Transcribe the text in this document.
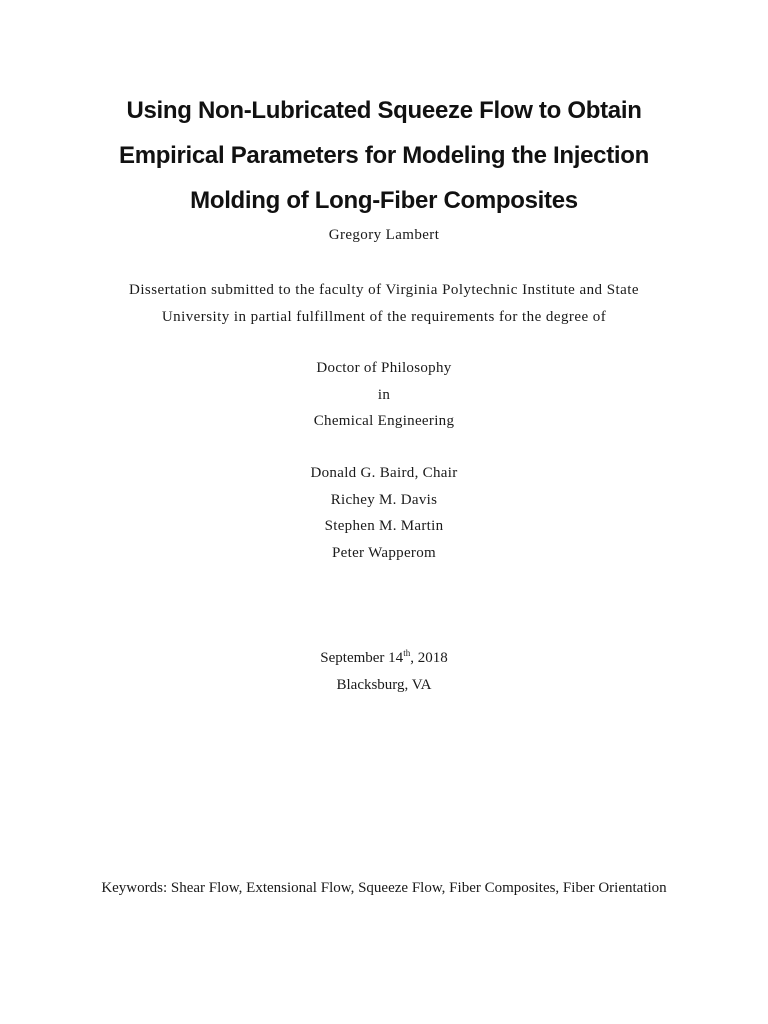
Using Non-Lubricated Squeeze Flow to Obtain
Empirical Parameters for Modeling the Injection
Molding of Long-Fiber Composites
Gregory Lambert
Dissertation submitted to the faculty of Virginia Polytechnic Institute and State
University in partial fulfillment of the requirements for the degree of
Doctor of Philosophy
in
Chemical Engineering
Donald G. Baird, Chair
Richey M. Davis
Stephen M. Martin
Peter Wapperom
September 14th, 2018
Blacksburg, VA
Keywords: Shear Flow, Extensional Flow, Squeeze Flow, Fiber Composites, Fiber Orientation
